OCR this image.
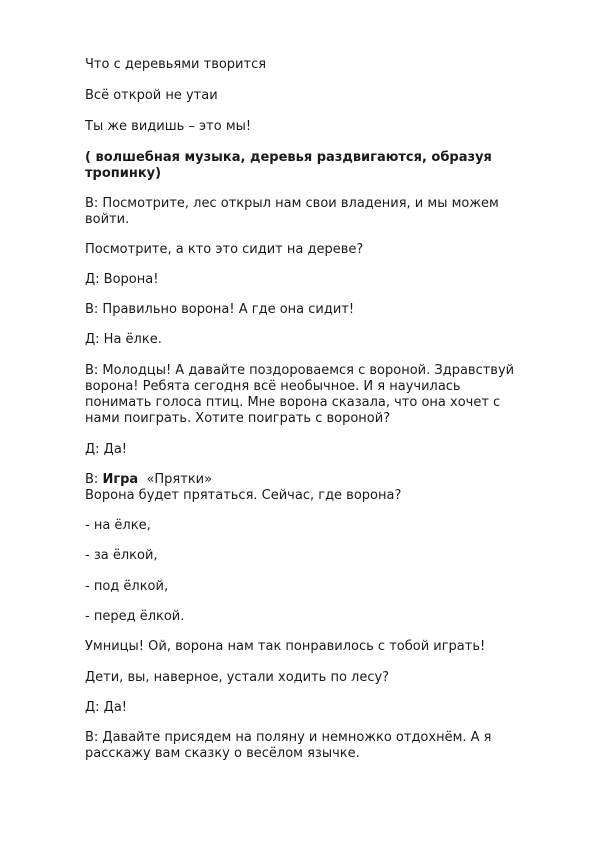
Что с деревьями творится

Всё открой не утаи

Ты же видишь – это мы!

( волшебная музыка, деревья раздвигаются, образуя

тропинку)

В: Посмотрите, лес открыл нам свои владения, и мы можем

войти.

Посмотрите, а кто это сидит на дереве?

Д: Ворона!

В: Правильно ворона! А где она сидит!

Д: На ёлке.

В: Молодцы! А давайте поздороваемся с вороной. Здравствуй

ворона! Ребята сегодня всё необычное. И я научилась

понимать голоса птиц. Мне ворона сказала, что она хочет с

нами поиграть. Хотите поиграть с вороной?

Д: Да!

В: Игра  «Прятки»

Ворона будет прятаться. Сейчас, где ворона?

- на ёлке,

- за ёлкой,

- под ёлкой,

- перед ёлкой.

Умницы! Ой, ворона нам так понравилось с тобой играть!

Дети, вы, наверное, устали ходить по лесу?

Д: Да!

В: Давайте присядем на поляну и немножко отдохнём. А я

расскажу вам сказку о весёлом язычке.
